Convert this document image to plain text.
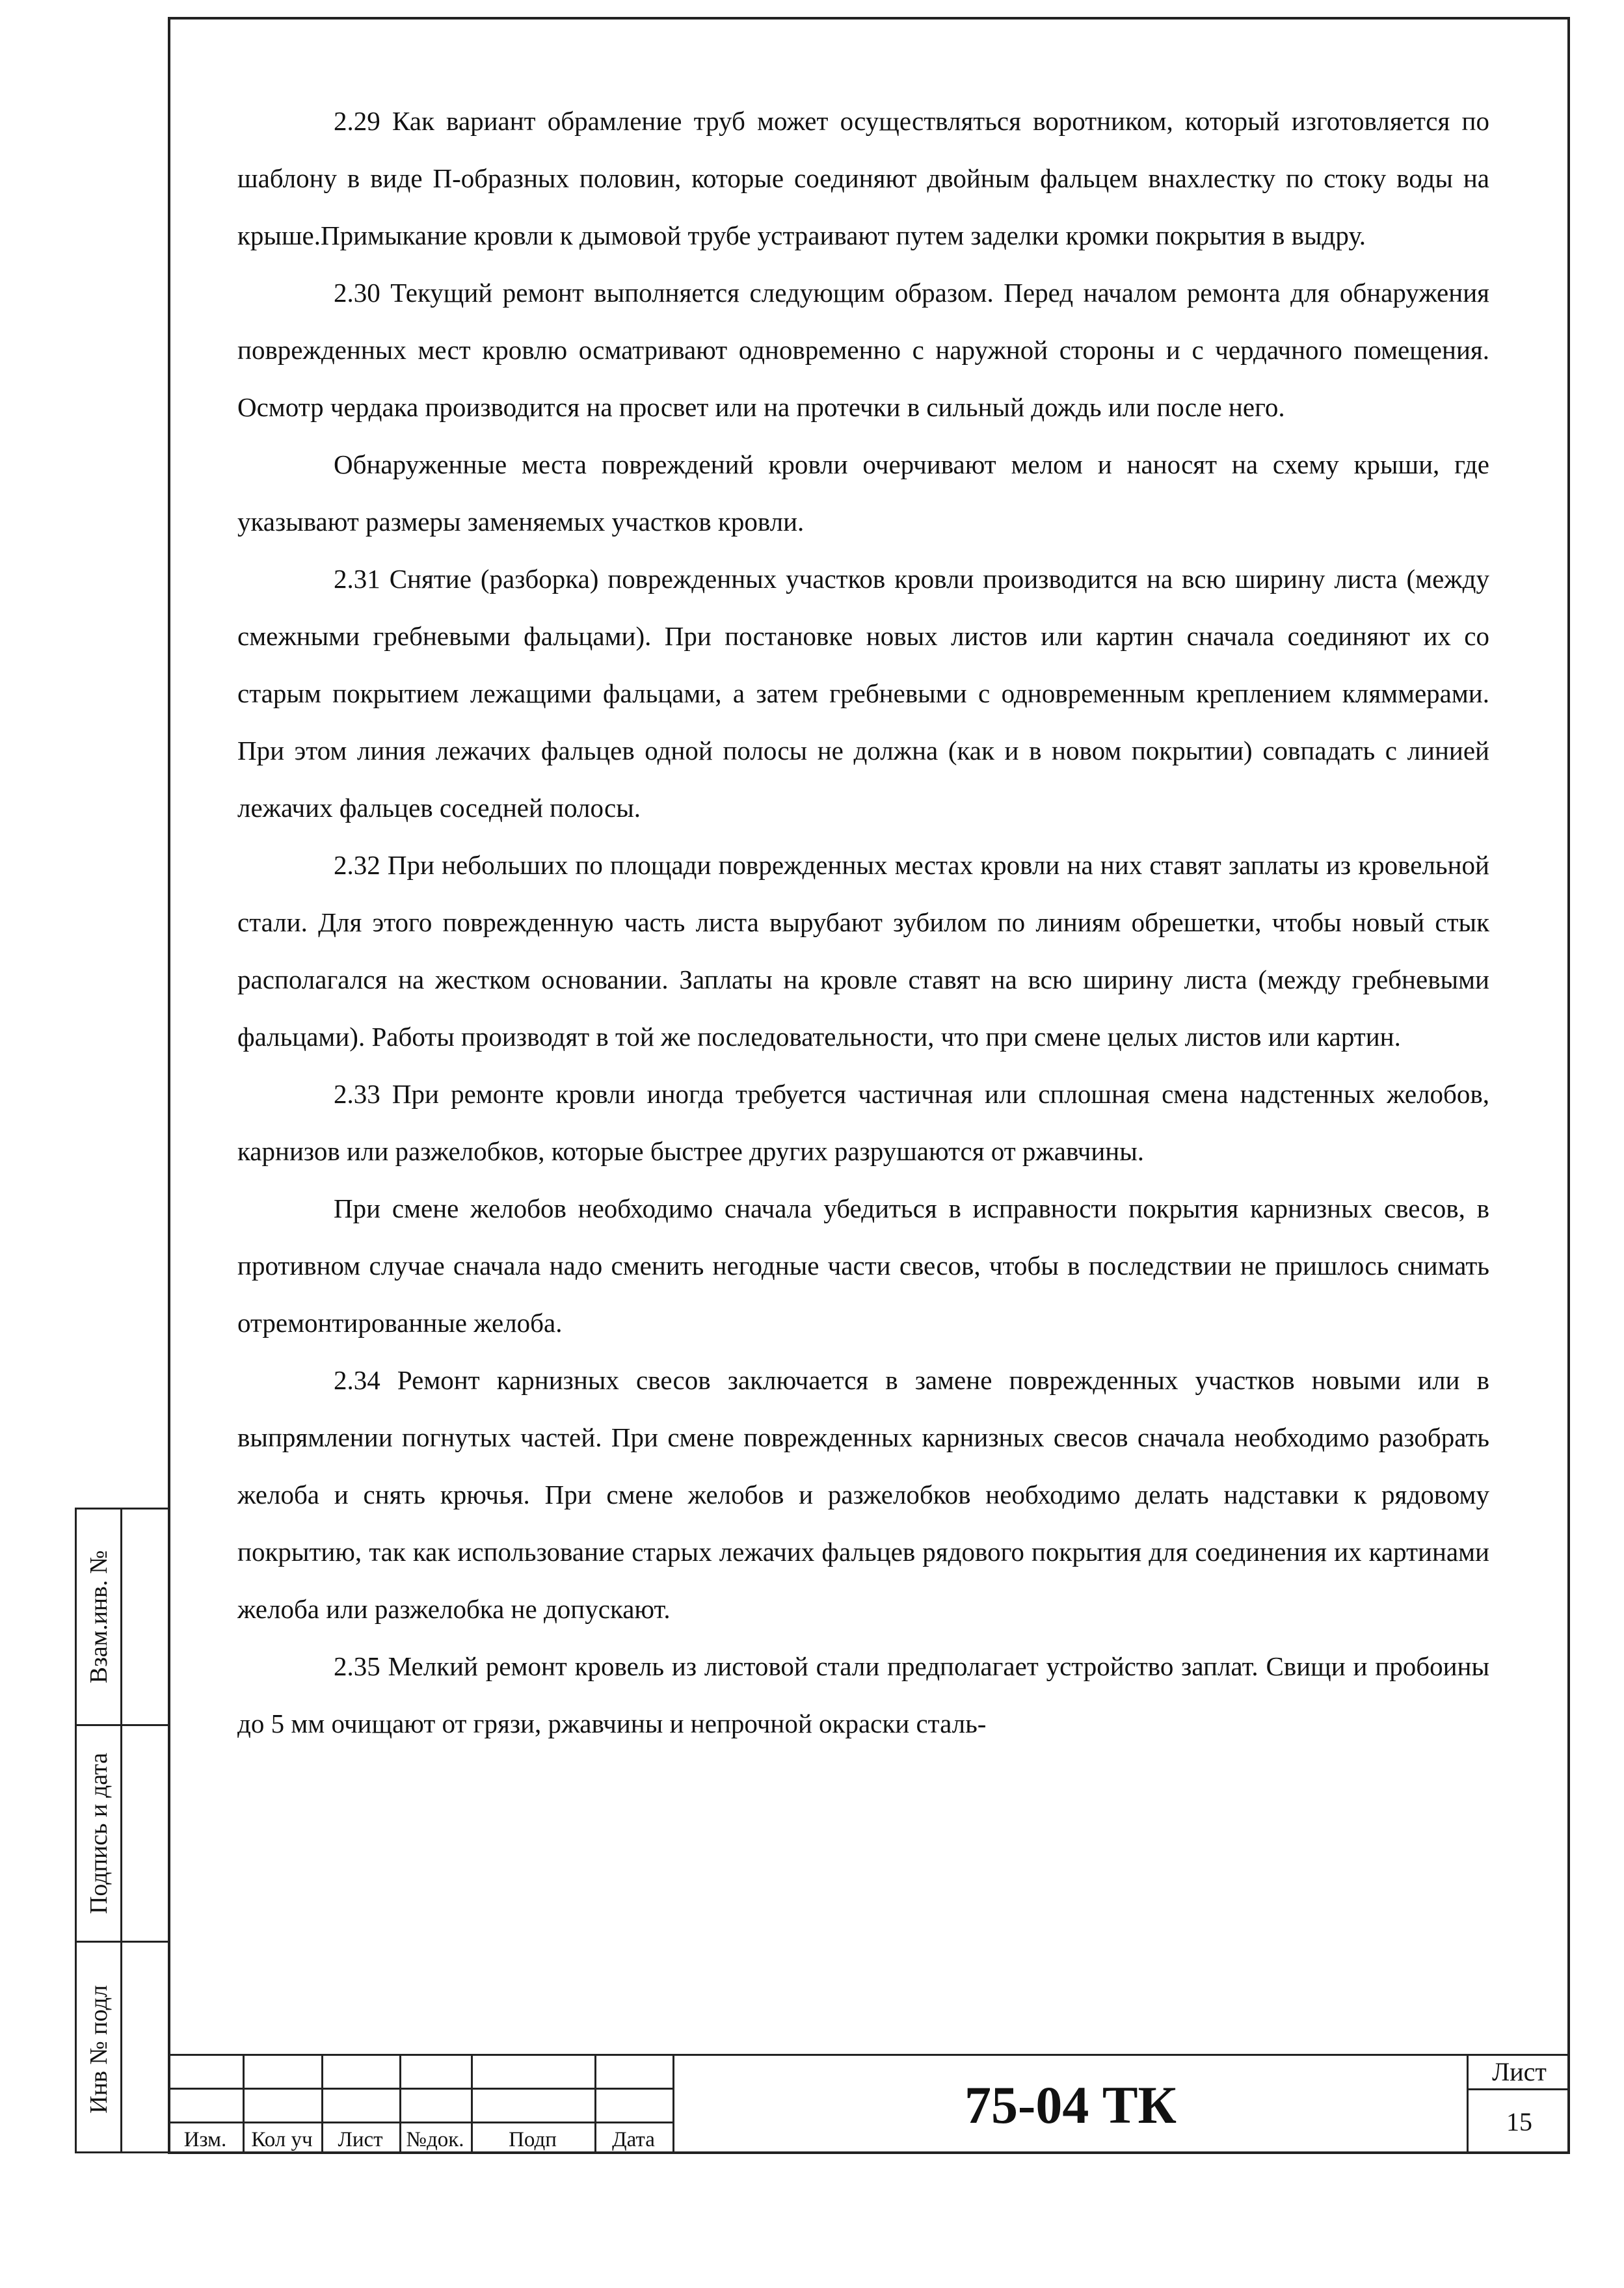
2.29 Как вариант обрамление труб может осуществляться воротником, который изготовляется по шаблону в виде П-образных половин, которые соединяют двойным фальцем внахлестку по стоку воды на крыше.Примыкание кровли к дымовой трубе устраивают путем заделки кромки покрытия в выдру.

2.30 Текущий ремонт выполняется следующим образом. Перед началом ремонта для обнаружения поврежденных мест кровлю осматривают одновременно с наружной стороны и с чердачного помещения. Осмотр чердака производится на просвет или на протечки в сильный дождь или после него.

Обнаруженные места повреждений кровли очерчивают мелом и наносят на схему крыши, где указывают размеры заменяемых участков кровли.

2.31 Снятие (разборка) поврежденных участков кровли производится на всю ширину листа (между смежными гребневыми фальцами). При постановке новых листов или картин сначала соединяют их со старым покрытием лежащими фальцами, а затем гребневыми с одновременным креплением кляммерами. При этом линия лежачих фальцев одной полосы не должна (как и в новом покрытии) совпадать с линией лежачих фальцев соседней полосы.

2.32 При небольших по площади поврежденных местах кровли на них ставят заплаты из кровельной стали. Для этого поврежденную часть листа вырубают зубилом по линиям обрешетки, чтобы новый стык располагался на жестком основании. Заплаты на кровле ставят на всю ширину листа (между гребневыми фальцами). Работы производят в той же последовательности, что при смене целых листов или картин.

2.33 При ремонте кровли иногда требуется частичная или сплошная смена надстенных желобов, карнизов или разжелобков, которые быстрее других разрушаются от ржавчины.

При смене желобов необходимо сначала убедиться в исправности покрытия карнизных свесов, в противном случае сначала надо сменить негодные части свесов, чтобы в последствии не пришлось снимать отремонтированные желоба.

2.34 Ремонт карнизных свесов заключается в замене поврежденных участков новыми или в выпрямлении погнутых частей. При смене поврежденных карнизных свесов сначала необходимо разобрать желоба и снять крючья. При смене желобов и разжелобков необходимо делать надставки к рядовому покрытию, так как использование старых лежачих фальцев рядового покрытия для соединения их картинами желоба или разжелобка не допускают.

2.35 Мелкий ремонт кровель из листовой стали предполагает устройство заплат. Свищи и пробоины до 5 мм очищают от грязи, ржавчины и непрочной окраски сталь-

Взам.инв. №
Подпись и дата
Инв № подл
Изм.	Кол уч	Лист	№док.	Подп	Дата
75-04 ТК
Лист
15
